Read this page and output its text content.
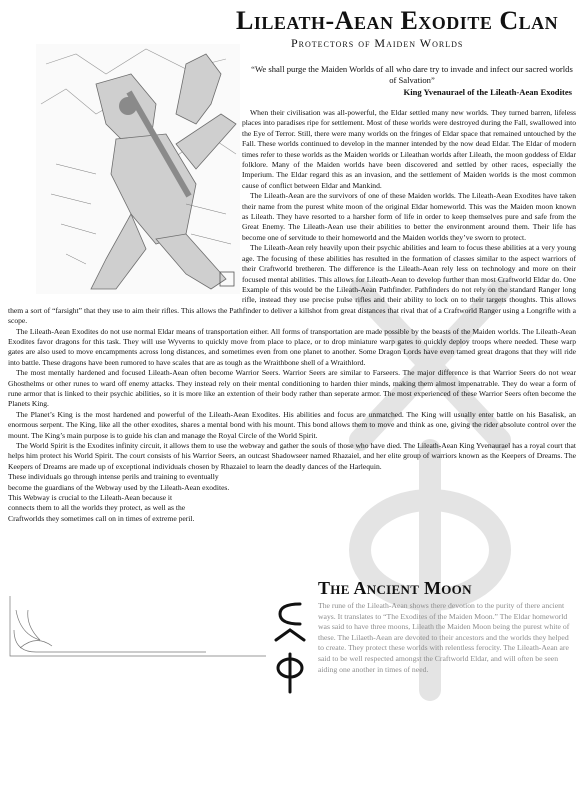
Lileath-Aean Exodite Clan
Protectors of Maiden Worlds
“We shall purge the Maiden Worlds of all who dare try to invade and infect our sacred worlds of Salvation”
King Yvenaurael of the Lileath-Aean Exodites

When their civilisation was all-powerful, the Eldar settled many new worlds. They turned barren, lifeless places into paradises ripe for settlement. Most of these worlds were destroyed during the Fall, swallowed into the Eye of Terror. Still, there were many worlds on the fringes of Eldar space that remained untouched by the Fall. These worlds continued to develop in the manner intended by the now dead Eldar. The Eldar of modern times refer to these worlds as the Maiden worlds or Lileathan worlds after Lileath, the moon goddess of Eldar folklore. Many of the Maiden worlds have been discovered and settled by other races, especially the Imperium. The Eldar regard this as an invasion, and the settlement of Maiden worlds is the most common cause of conflict between Eldar and Mankind.

The Lileath-Aean are the survivors of one of these Maiden worlds. The Lileath-Aean Exodites have taken their name from the purest white moon of the original Eldar homeworld. This was the Maiden moon known as Lileath. They have resorted to a harsher form of life in order to keep themselves pure and safe from the Great Enemy. The Lileath-Aean use their abilities to better the environment around them. Their life has become one of servitude to their homeworld and the Maiden worlds they’ve sworn to protect.

The Lileath-Aean rely heavily upon their psychic abilities and learn to focus these abilities at a very young age. The focusing of these abilities has resulted in the formation of classes similar to the aspect warriors of their Craftworld bretheren. The difference is the Lileath-Aean rely less on technology and more on their focused mental abilities. This allows for Lileath-Aean to develop further than most Craftworld Eldar do. One Example of this would be the Lileath-Aean Pathfinder. Pathfinders do not rely on the standard Ranger long rifle, instead they use precise pulse rifles and their ability to lock on to their targets thoughts. This allows them a sort of “farsight” that they use to aim their rifles. This allows the Pathfinder to deliver a killshot from great distances that rival that of a Craftworld Ranger using a Longrifle with a scope.

The Lileath-Aean Exodites do not use normal Eldar means of transportation either. All forms of transportation are made possible by the beasts of the Maiden worlds. The Lileath-Aean Exodites favor dragons for this task. They will use Wyverns to quickly move from place to place, or to drop miniature warp gates to quickly deploy troops where needed. These warp gates are also used to move encampments across long distances, and sometimes even from one planet to another. Some Dragon Lords have even tamed great dragons that they will ride into battle. These dragons have been rumored to have scales that are as tough as the Wraithbone shell of a Wraithlord.

The most mentally hardened and focused Lileath-Aean often become Warrior Seers. Warrior Seers are similar to Farseers. The major difference is that Warrior Seers do not wear Ghosthelms or other runes to ward off enemy attacks. They instead rely on their mental conditioning to harden thier minds, making them almost impenatrable. They do wear a form of rune armor that is linked to their psychic abilities, so it is more like an extention of their body rather than seperate armor. The most experienced of these Warrior Seers often become the Planets King.

The Planet’s King is the most hardened and powerful of the Lileath-Aean Exodites. His abilities and focus are unmatched. The King will usually enter battle on his Basalisk, an enormous serpent. The King, like all the other exodites, shares a mental bond with his mount. This bond allows them to move and think as one, giving the rider absolute control over the mount. The King’s main purpose is to guide his clan and manage the Royal Circle of the World Spirit.

The World Spirit is the Exodites infinity circuit, it allows them to use the webway and gather the souls of those who have died. The Lileath-Aean King Yvenaurael has a royal court that helps him protect his World Spirit. The court consists of his Warrior Seers, an outcast Shadowseer named Rhazaiel, and her elite group of warriors known as the Keepers of Dreams. The Keepers of Dreams are made up of exceptional individuals chosen by Rhazaiel to learn the deadly dances of the Harlequin.

These individuals go through intense perils and training to eventually
become the guardians of the Webway used by the Lileath-Aean exodites.
This Webway is crucial to the Lileath-Aean because it
connects them to all the worlds they protect, as well as the
Craftworlds they sometimes call on in times of extreme peril.
The Ancient Moon
The rune of the Lileath-Aean shows there devotion to the purity of there ancient ways. It translates to “The Exodites of the Maiden Moon.” The Eldar homeworld was said to have three moons, Lileath the Maiden Moon being the purest white of these. The Lilaeth-Aean are devoted to their ancestors and the worlds they helped to create. They protect these worlds with relentless ferocity. The Lileath-Aean are said to be well respected amongst the Craftworld Eldar, and will often be seen aiding one another in times of need.
